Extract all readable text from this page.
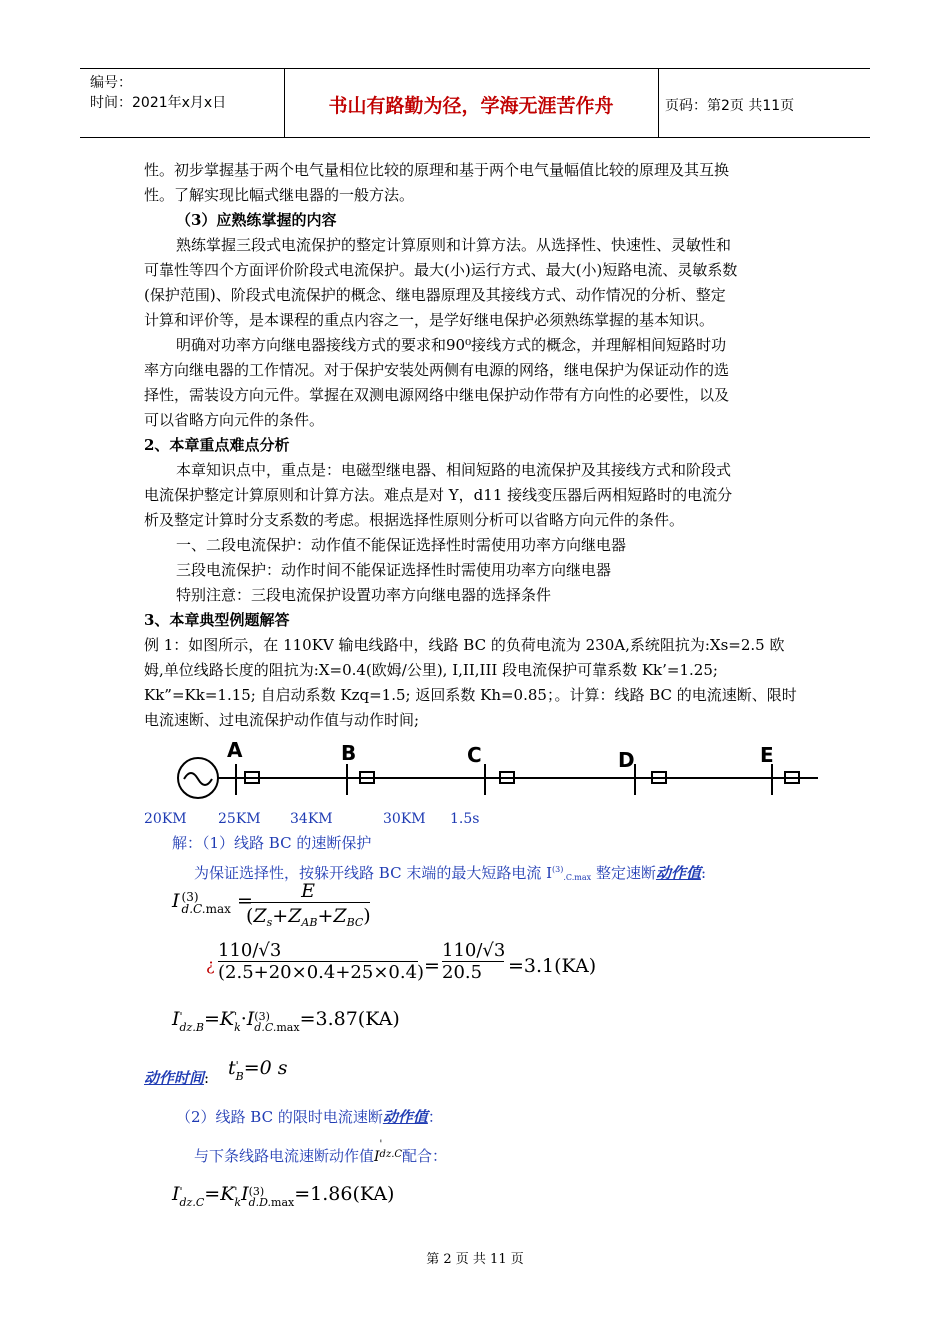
编号：
时间：2021年x月x日	书山有路勤为径，学海无涯苦作舟	页码：第2页 共11页
性。初步掌握基于两个电气量相位比较的原理和基于两个电气量幅值比较的原理及其互换
性。了解实现比幅式继电器的一般方法。
（3）应熟练掌握的内容
熟练掌握三段式电流保护的整定计算原则和计算方法。从选择性、快速性、灵敏性和
可靠性等四个方面评价阶段式电流保护。最大(小)运行方式、最大(小)短路电流、灵敏系数
(保护范围)、阶段式电流保护的概念、继电器原理及其接线方式、动作情况的分析、整定
计算和评价等，是本课程的重点内容之一，是学好继电保护必须熟练掌握的基本知识。
明确对功率方向继电器接线方式的要求和90⁰接线方式的概念，并理解相间短路时功
率方向继电器的工作情况。对于保护安装处两侧有电源的网络，继电保护为保证动作的选
择性，需装设方向元件。掌握在双测电源网络中继电保护动作带有方向性的必要性，以及
可以省略方向元件的条件。
2、本章重点难点分析
本章知识点中，重点是：电磁型继电器、相间短路的电流保护及其接线方式和阶段式
电流保护整定计算原则和计算方法。难点是对 Y，d11 接线变压器后两相短路时的电流分
析及整定计算时分支系数的考虑。根据选择性原则分析可以省略方向元件的条件。
一、二段电流保护：动作值不能保证选择性时需使用功率方向继电器
三段电流保护：动作时间不能保证选择性时需使用功率方向继电器
特别注意：三段电流保护设置功率方向继电器的选择条件
3、本章典型例题解答
例 1：如图所示，在 110KV 输电线路中，线路 BC 的负荷电流为 230A,系统阻抗为:Xs=2.5 欧
姆,单位线路长度的阻抗为:X=0.4(欧姆/公里), I,II,III 段电流保护可靠系数 Kk’=1.25;
Kk”=Kk=1.15; 自启动系数 Kzq=1.5; 返回系数 Kh=0.85；。计算：线路 BC 的电流速断、限时
电流速断、过电流保护动作值与动作时间;
A	B	C	D	E
20KM 25KM 34KM	30KM 1.5s
解：（1）线路 BC 的速断保护
为保证选择性，按躲开线路 BC 末端的最大短路电流 $I^{(3)}.C.\max$ 整定速断动作值:
I (3)
d.C.max =	E
$(Z_s+Z_{AB}+Z_{BC})$
¿
110/√3
(2.5+20×0.4+25×0.4) =
110/√3
20.5	=3.1(KA)
I'
dz.B=K'
k·I(3)
d.C.max=3.87(KA)
动作时间: t'
B=0 s
（2）线路 BC 的限时电流速断动作值：
与下条线路电流速断动作值I'
dz.C配合：
I'
dz.C=K'
kI(3)
d.D.max=1.86(KA)
第 2 页 共 11 页
